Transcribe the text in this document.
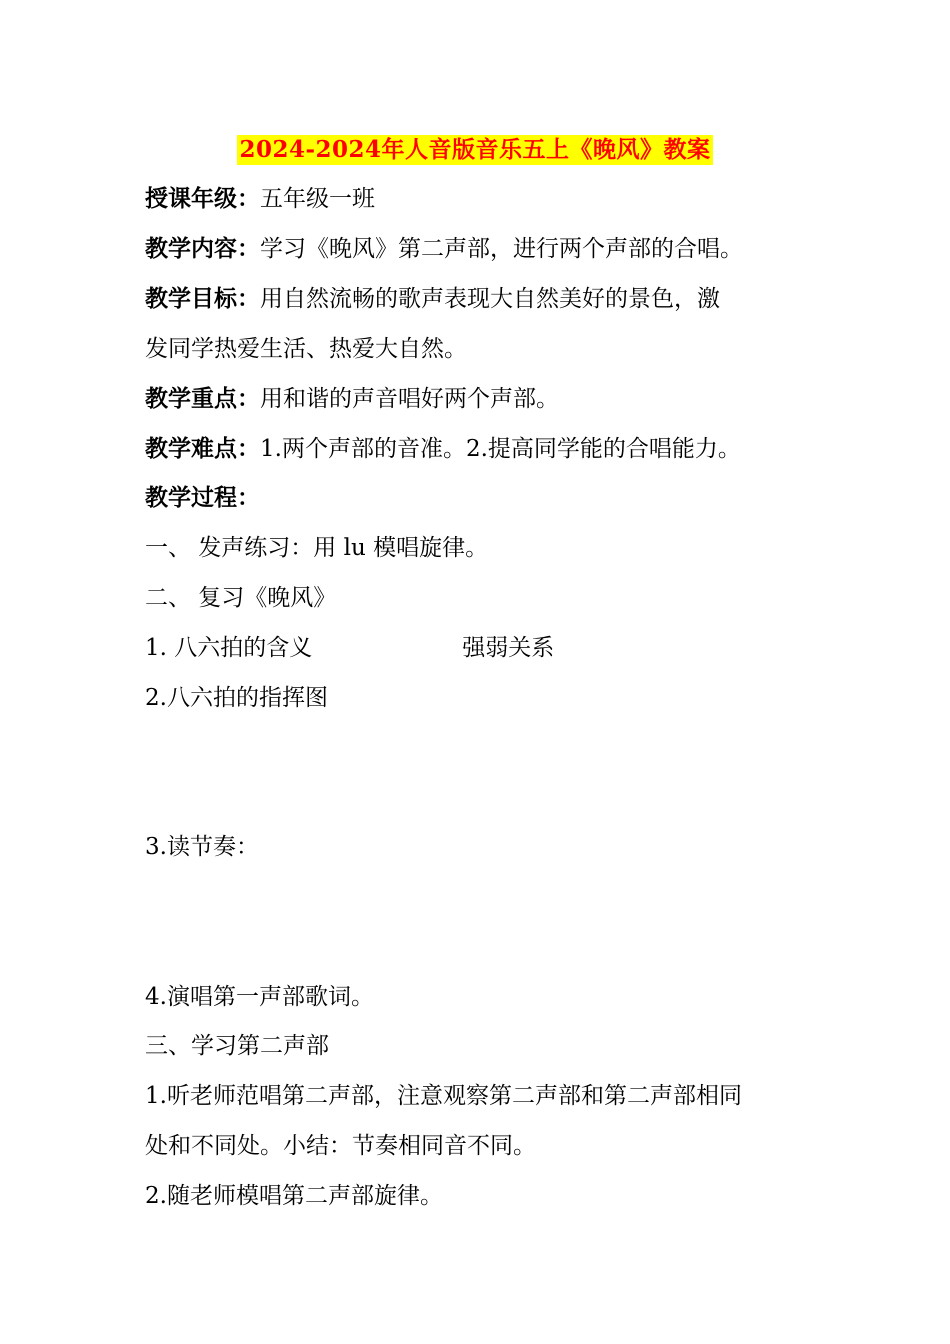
2024-2024年人音版音乐五上《晚风》教案
授课年级：五年级一班
教学内容：学习《晚风》第二声部，进行两个声部的合唱。
教学目标：用自然流畅的歌声表现大自然美好的景色，激
发同学热爱生活、热爱大自然。
教学重点：用和谐的声音唱好两个声部。
教学难点：1.两个声部的音准。2.提高同学能的合唱能力。
教学过程：
一、 发声练习：用 lu 模唱旋律。
二、 复习《晚风》
1. 八六拍的含义	强弱关系
2.八六拍的指挥图
3.读节奏：
4.演唱第一声部歌词。
三、学习第二声部
1.听老师范唱第二声部，注意观察第二声部和第二声部相同
处和不同处。小结：节奏相同音不同。
2.随老师模唱第二声部旋律。
